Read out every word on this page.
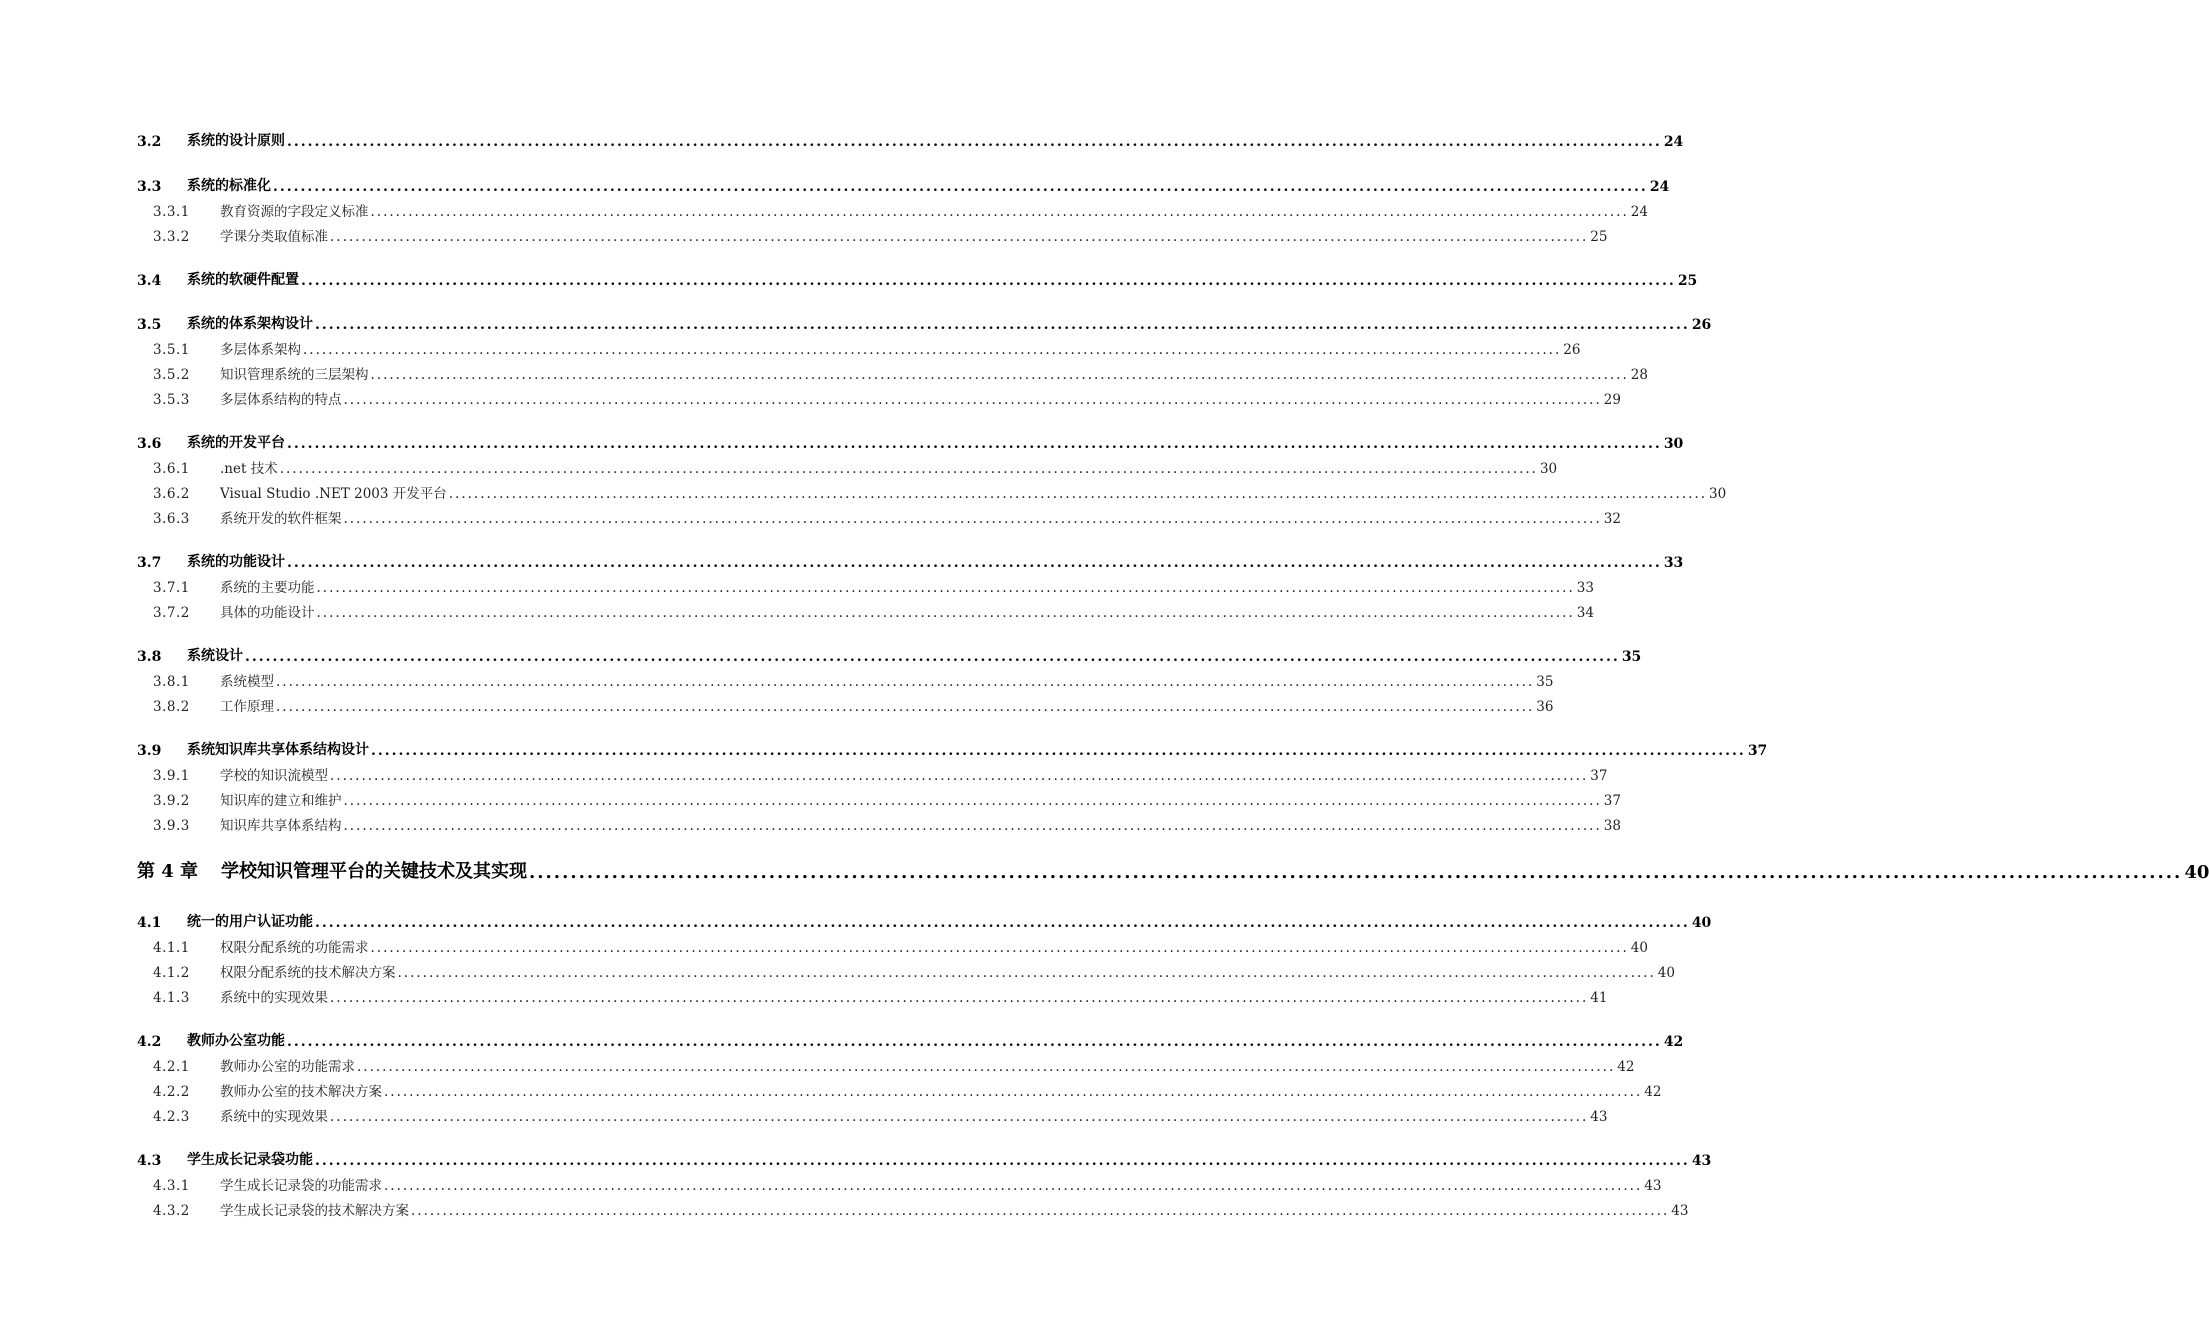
3.2	系统的设计原则 ........................................................................................................................................................................................................ 24
3.3	系统的标准化 ........................................................................................................................................................................................................ 24
3.3.1	教育资源的字段定义标准 ........................................................................................................................................................................................................ 24
3.3.2	学课分类取值标准 ........................................................................................................................................................................................................ 25
3.4	系统的软硬件配置 ........................................................................................................................................................................................................ 25
3.5	系统的体系架构设计 ........................................................................................................................................................................................................ 26
3.5.1	多层体系架构 ........................................................................................................................................................................................................ 26
3.5.2	知识管理系统的三层架构 ........................................................................................................................................................................................................ 28
3.5.3	多层体系结构的特点 ........................................................................................................................................................................................................ 29
3.6	系统的开发平台 ........................................................................................................................................................................................................ 30
3.6.1	.net 技术 ........................................................................................................................................................................................................ 30
3.6.2	Visual Studio .NET 2003 开发平台 ........................................................................................................................................................................................................ 30
3.6.3	系统开发的软件框架 ........................................................................................................................................................................................................ 32
3.7	系统的功能设计 ........................................................................................................................................................................................................ 33
3.7.1	系统的主要功能 ........................................................................................................................................................................................................ 33
3.7.2	具体的功能设计 ........................................................................................................................................................................................................ 34
3.8	系统设计 ........................................................................................................................................................................................................ 35
3.8.1	系统模型 ........................................................................................................................................................................................................ 35
3.8.2	工作原理 ........................................................................................................................................................................................................ 36
3.9	系统知识库共享体系结构设计 ........................................................................................................................................................................................................ 37
3.9.1	学校的知识流模型 ........................................................................................................................................................................................................ 37
3.9.2	知识库的建立和维护 ........................................................................................................................................................................................................ 37
3.9.3	知识库共享体系结构 ........................................................................................................................................................................................................ 38
第 4 章	学校知识管理平台的关键技术及其实现 ........................................................................................................................................................................................................ 40
4.1	统一的用户认证功能 ........................................................................................................................................................................................................ 40
4.1.1	权限分配系统的功能需求 ........................................................................................................................................................................................................ 40
4.1.2	权限分配系统的技术解决方案 ........................................................................................................................................................................................................ 40
4.1.3	系统中的实现效果 ........................................................................................................................................................................................................ 41
4.2	教师办公室功能 ........................................................................................................................................................................................................ 42
4.2.1	教师办公室的功能需求 ........................................................................................................................................................................................................ 42
4.2.2	教师办公室的技术解决方案 ........................................................................................................................................................................................................ 42
4.2.3	系统中的实现效果 ........................................................................................................................................................................................................ 43
4.3	学生成长记录袋功能 ........................................................................................................................................................................................................ 43
4.3.1	学生成长记录袋的功能需求 ........................................................................................................................................................................................................ 43
4.3.2	学生成长记录袋的技术解决方案 ........................................................................................................................................................................................................ 43
